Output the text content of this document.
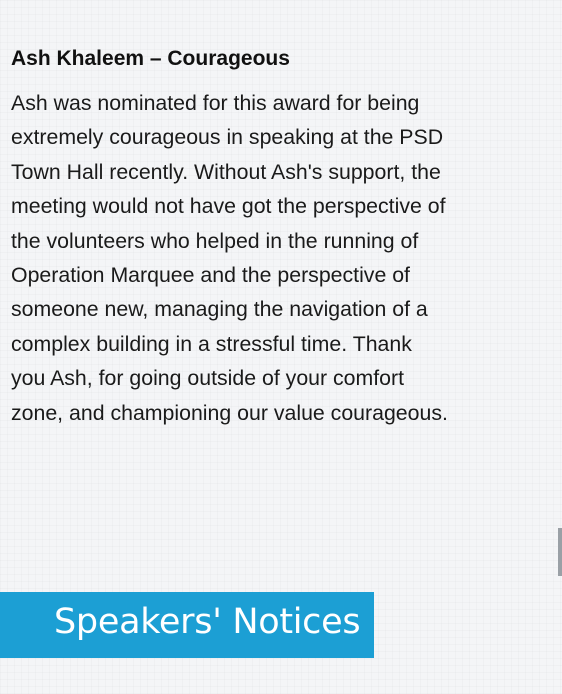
Ash Khaleem – Courageous

Ash was nominated for this award for being
extremely courageous in speaking at the PSD
Town Hall recently. Without Ash's support, the
meeting would not have got the perspective of
the volunteers who helped in the running of
Operation Marquee and the perspective of
someone new, managing the navigation of a
complex building in a stressful time. Thank
you Ash, for going outside of your comfort
zone, and championing our value courageous.

Speakers' Notices
